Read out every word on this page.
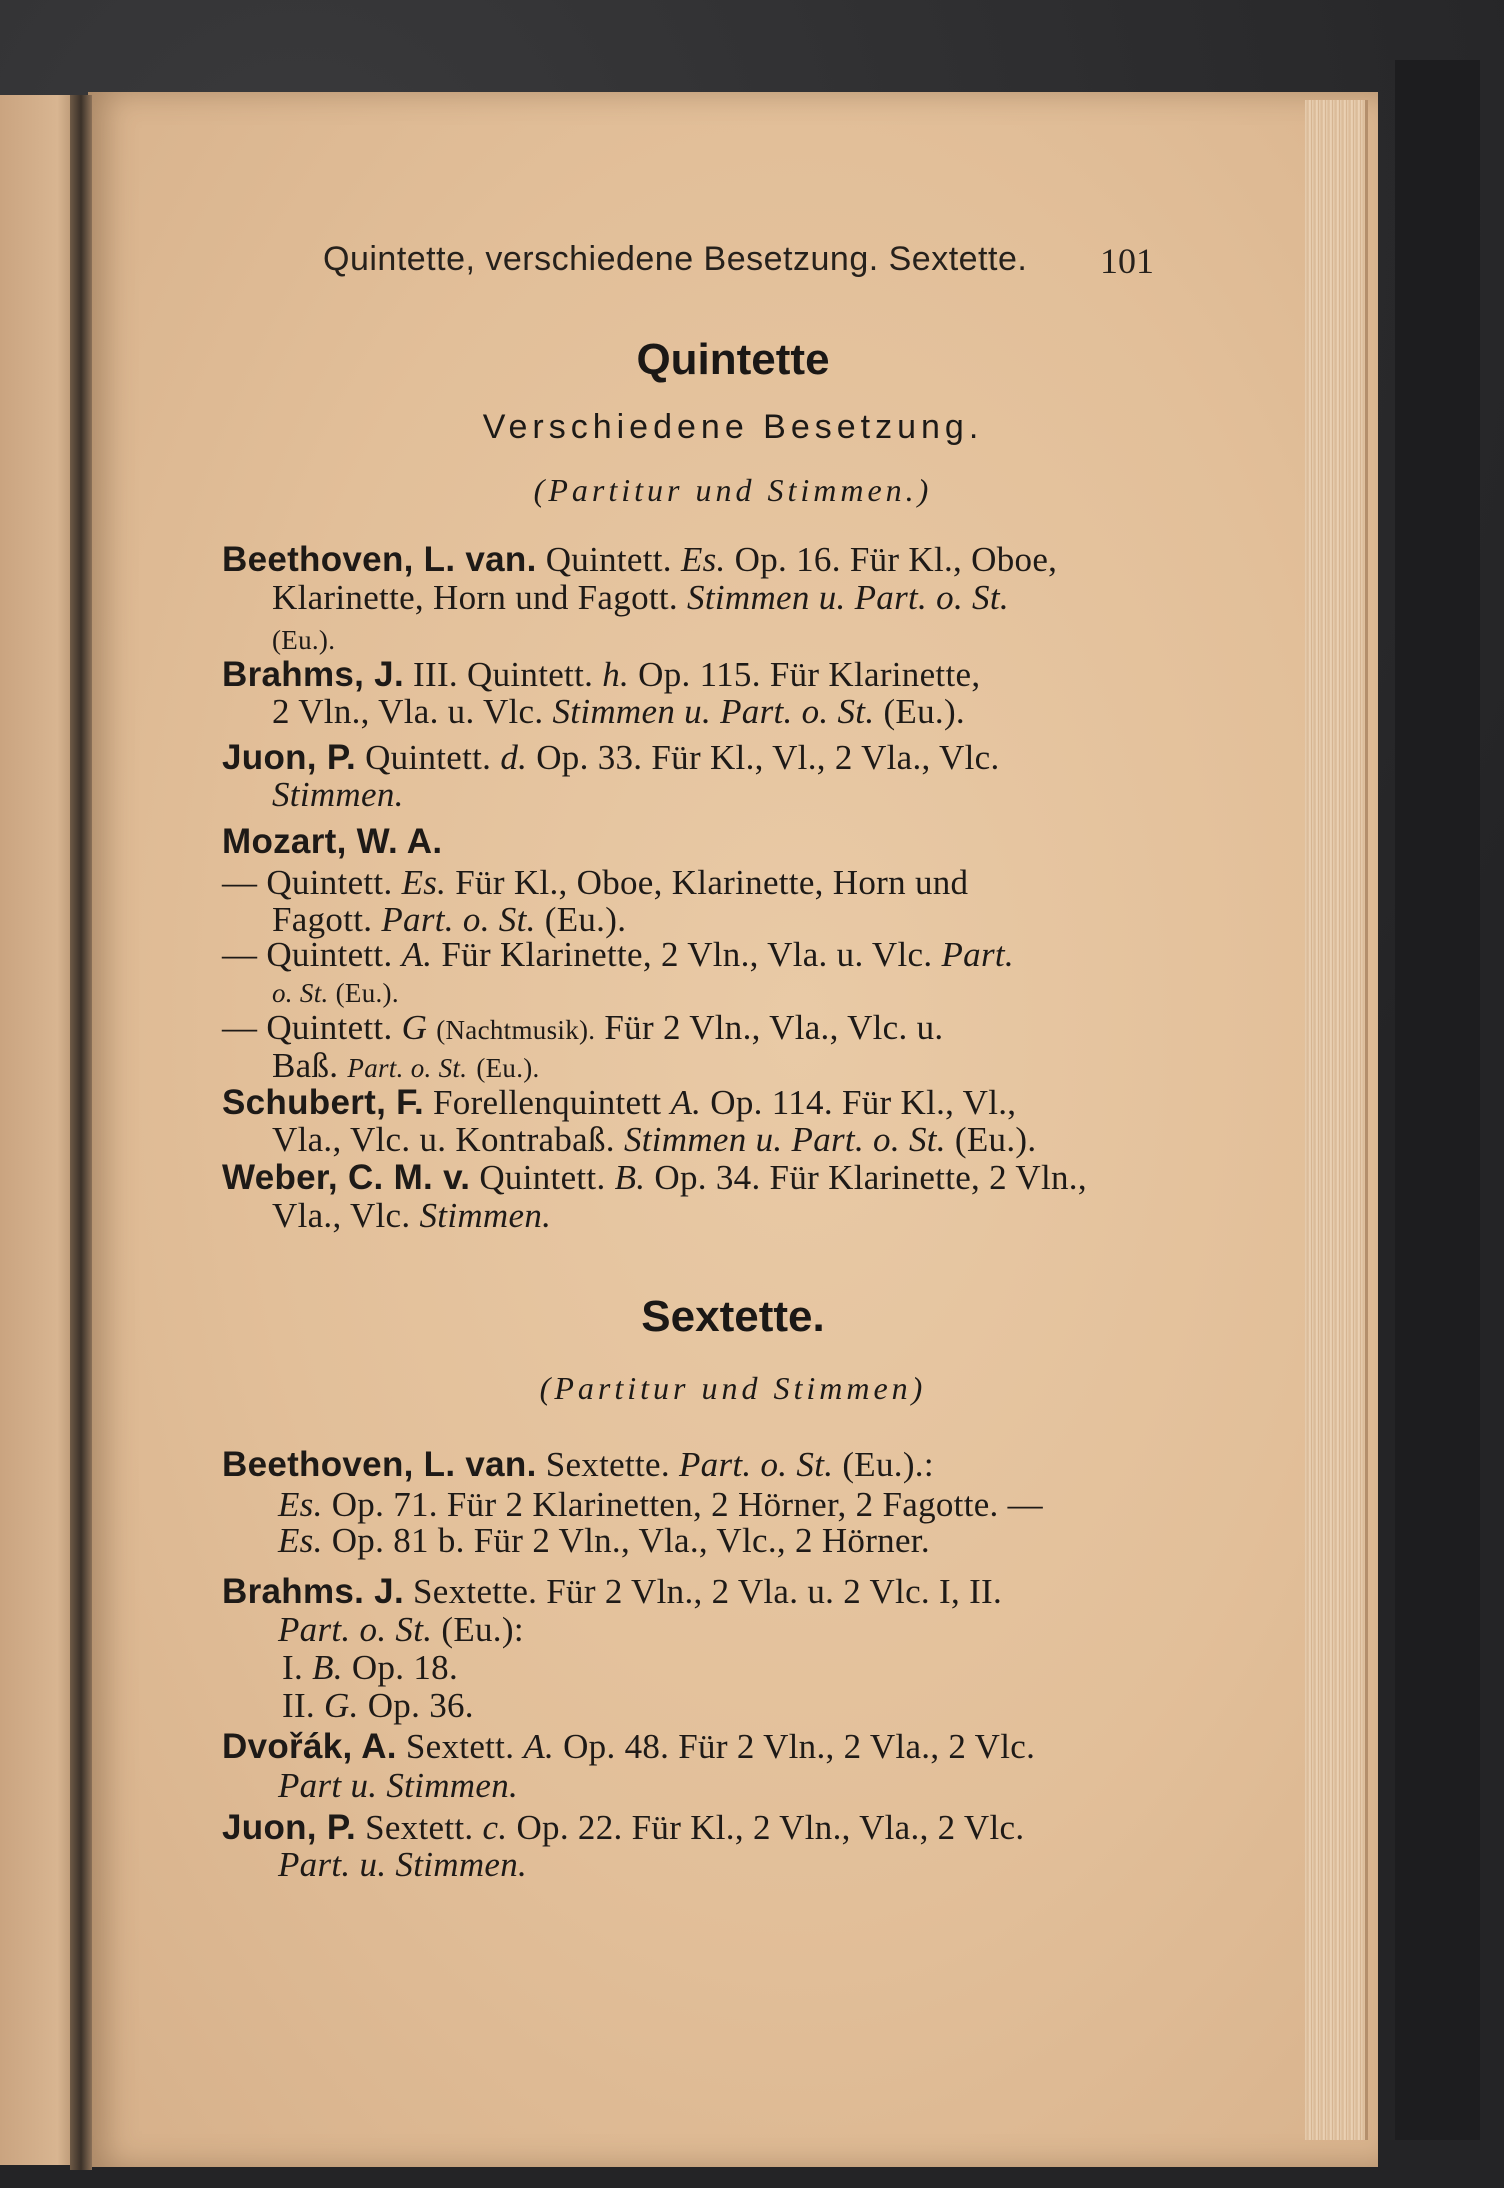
Quintette, verschiedene Besetzung. Sextette. 101
Quintette
Verschiedene Besetzung.
(Partitur und Stimmen.)
Beethoven, L. van. Quintett. Es. Op. 16. Für Kl., Oboe,
Klarinette, Horn und Fagott. Stimmen u. Part. o. St.
(Eu.).
Brahms, J. III. Quintett. h. Op. 115. Für Klarinette,
2 Vln., Vla. u. Vlc. Stimmen u. Part. o. St. (Eu.).
Juon, P. Quintett. d. Op. 33. Für Kl., Vl., 2 Vla., Vlc.
Stimmen.
Mozart, W. A.
— Quintett. Es. Für Kl., Oboe, Klarinette, Horn und
Fagott. Part. o. St. (Eu.).
— Quintett. A. Für Klarinette, 2 Vln., Vla. u. Vlc. Part.
o. St. (Eu.).
— Quintett. G (Nachtmusik). Für 2 Vln., Vla., Vlc. u.
Baß. Part. o. St. (Eu.).
Schubert, F. Forellenquintett A. Op. 114. Für Kl., Vl.,
Vla., Vlc. u. Kontrabaß. Stimmen u. Part. o. St. (Eu.).
Weber, C. M. v. Quintett. B. Op. 34. Für Klarinette, 2 Vln.,
Vla., Vlc. Stimmen.
Sextette.
(Partitur und Stimmen)
Beethoven, L. van. Sextette. Part. o. St. (Eu.).:
Es. Op. 71. Für 2 Klarinetten, 2 Hörner, 2 Fagotte. —
Es. Op. 81 b. Für 2 Vln., Vla., Vlc., 2 Hörner.
Brahms. J. Sextette. Für 2 Vln., 2 Vla. u. 2 Vlc. I, II.
Part. o. St. (Eu.):
I. B. Op. 18.
II. G. Op. 36.
Dvořák, A. Sextett. A. Op. 48. Für 2 Vln., 2 Vla., 2 Vlc.
Part u. Stimmen.
Juon, P. Sextett. c. Op. 22. Für Kl., 2 Vln., Vla., 2 Vlc.
Part. u. Stimmen.
